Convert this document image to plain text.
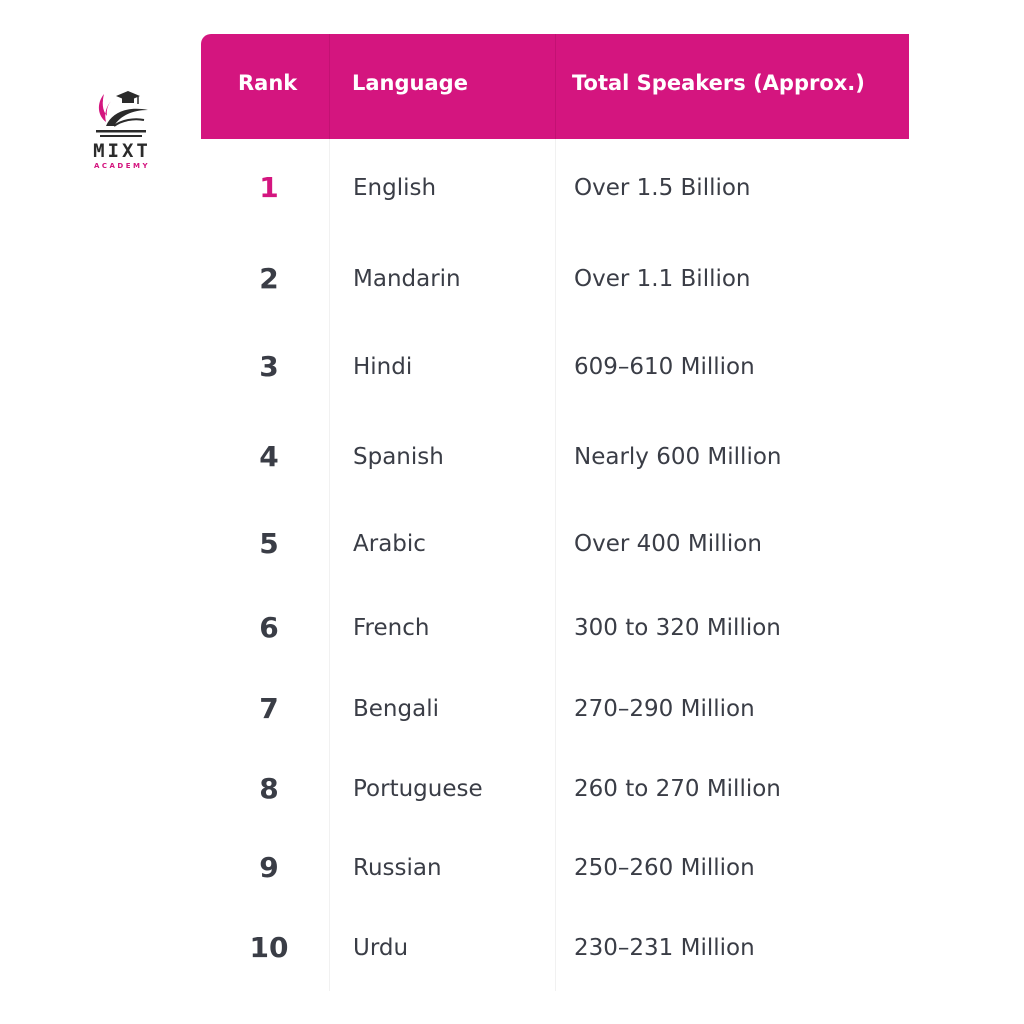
MIXT
ACADEMY
Rank	Language	Total Speakers (Approx.)
1	English	Over 1.5 Billion
2	Mandarin	Over 1.1 Billion
3	Hindi	609–610 Million
4	Spanish	Nearly 600 Million
5	Arabic	Over 400 Million
6	French	300 to 320 Million
7	Bengali	270–290 Million
8	Portuguese	260 to 270 Million
9	Russian	250–260 Million
10	Urdu	230–231 Million
